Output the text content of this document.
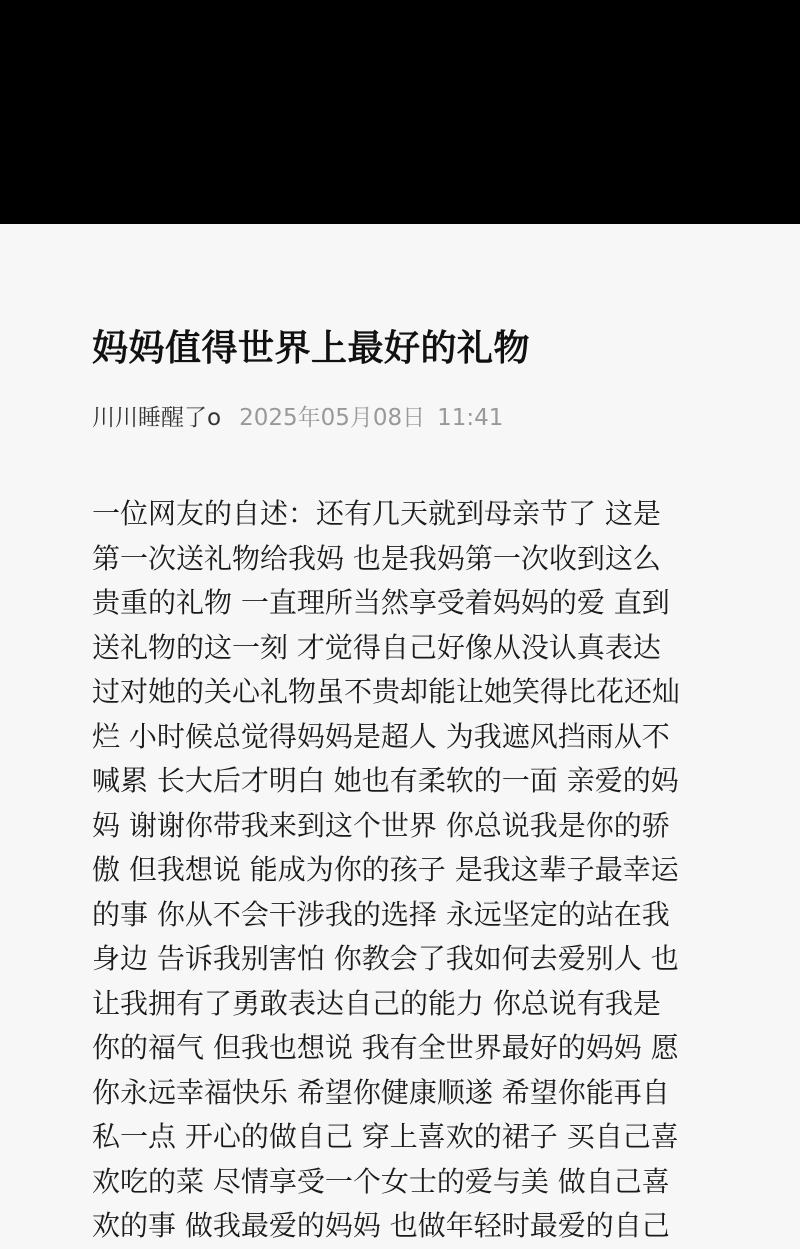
妈妈值得世界上最好的礼物
川川睡醒了o 2025年05月08日 11:41
一位网友的自述：还有几天就到母亲节了 这是
第一次送礼物给我妈 也是我妈第一次收到这么
贵重的礼物 一直理所当然享受着妈妈的爱 直到
送礼物的这一刻 才觉得自己好像从没认真表达
过对她的关心礼物虽不贵却能让她笑得比花还灿
烂 小时候总觉得妈妈是超人 为我遮风挡雨从不
喊累 长大后才明白 她也有柔软的一面 亲爱的妈
妈 谢谢你带我来到这个世界 你总说我是你的骄
傲 但我想说 能成为你的孩子 是我这辈子最幸运
的事 你从不会干涉我的选择 永远坚定的站在我
身边 告诉我别害怕 你教会了我如何去爱别人 也
让我拥有了勇敢表达自己的能力 你总说有我是
你的福气 但我也想说 我有全世界最好的妈妈 愿
你永远幸福快乐 希望你健康顺遂 希望你能再自
私一点 开心的做自己 穿上喜欢的裙子 买自己喜
欢吃的菜 尽情享受一个女士的爱与美 做自己喜
欢的事 做我最爱的妈妈 也做年轻时最爱的自己
